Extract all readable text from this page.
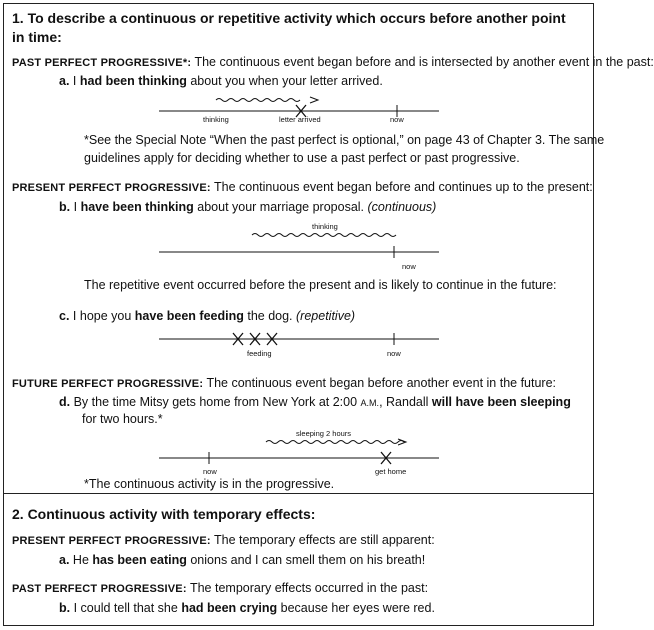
1. To describe a continuous or repetitive activity which occurs before another point
in time:
PAST PERFECT PROGRESSIVE*: The continuous event began before and is intersected by another event in the past:
a. I had been thinking about you when your letter arrived.
thinking	letter arrived	now
*See the Special Note “When the past perfect is optional,” on page 43 of Chapter 3. The same
guidelines apply for deciding whether to use a past perfect or past progressive.
PRESENT PERFECT PROGRESSIVE: The continuous event began before and continues up to the present:
b. I have been thinking about your marriage proposal. (continuous)
thinking
now
The repetitive event occurred before the present and is likely to continue in the future:
c. I hope you have been feeding the dog. (repetitive)
feeding	now
FUTURE PERFECT PROGRESSIVE: The continuous event began before another event in the future:
d. By the time Mitsy gets home from New York at 2:00 A.M., Randall will have been sleeping
for two hours.*
sleeping 2 hours
now	get home
*The continuous activity is in the progressive.
2. Continuous activity with temporary effects:
PRESENT PERFECT PROGRESSIVE: The temporary effects are still apparent:
a. He has been eating onions and I can smell them on his breath!
PAST PERFECT PROGRESSIVE: The temporary effects occurred in the past:
b. I could tell that she had been crying because her eyes were red.
